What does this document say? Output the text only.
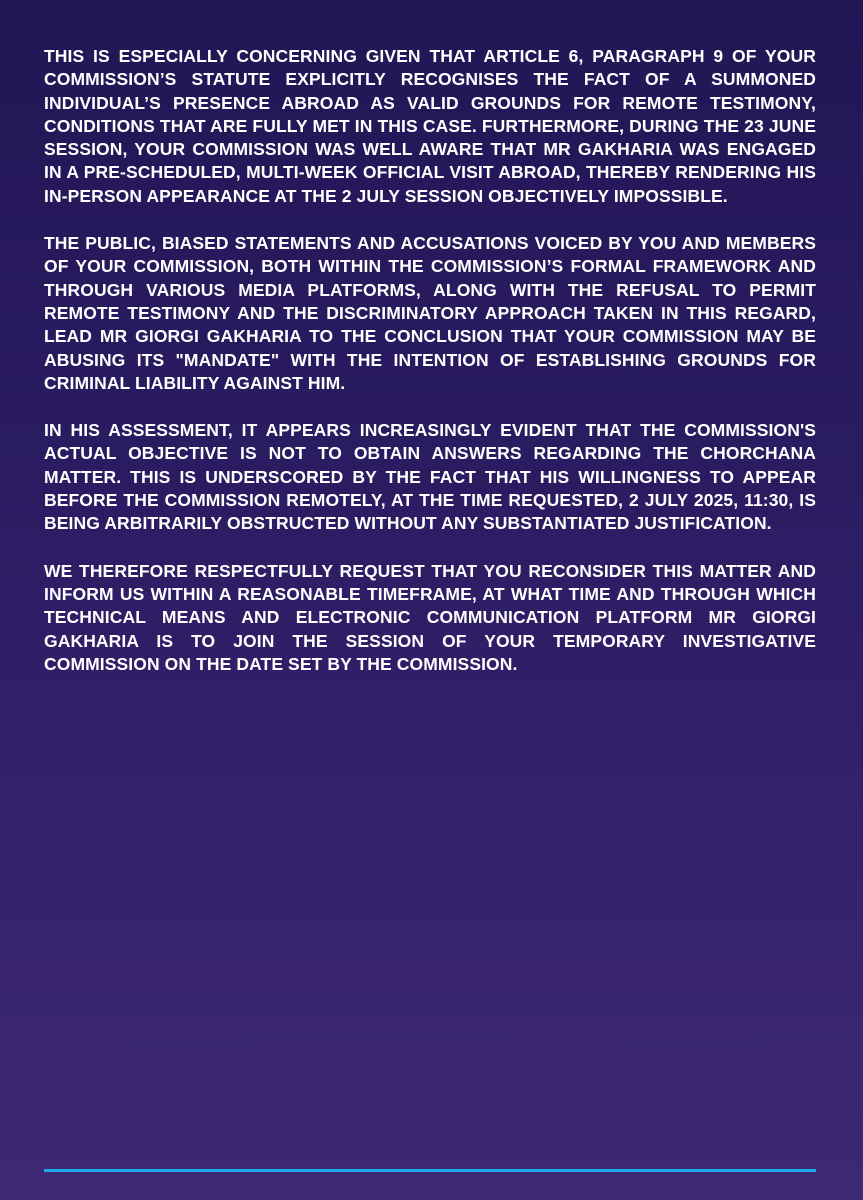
THIS IS ESPECIALLY CONCERNING GIVEN THAT ARTICLE 6, PARAGRAPH 9 OF YOUR COMMISSION’S STATUTE EXPLICITLY RECOGNISES THE FACT OF A SUMMONED INDIVIDUAL’S PRESENCE ABROAD AS VALID GROUNDS FOR REMOTE TESTIMONY, CONDITIONS THAT ARE FULLY MET IN THIS CASE. FURTHERMORE, DURING THE 23 JUNE SESSION, YOUR COMMISSION WAS WELL AWARE THAT MR GAKHARIA WAS ENGAGED IN A PRE-SCHEDULED, MULTI-WEEK OFFICIAL VISIT ABROAD, THEREBY RENDERING HIS IN-PERSON APPEARANCE AT THE 2 JULY SESSION OBJECTIVELY IMPOSSIBLE.

THE PUBLIC, BIASED STATEMENTS AND ACCUSATIONS VOICED BY YOU AND MEMBERS OF YOUR COMMISSION, BOTH WITHIN THE COMMISSION’S FORMAL FRAMEWORK AND THROUGH VARIOUS MEDIA PLATFORMS, ALONG WITH THE REFUSAL TO PERMIT REMOTE TESTIMONY AND THE DISCRIMINATORY APPROACH TAKEN IN THIS REGARD, LEAD MR GIORGI GAKHARIA TO THE CONCLUSION THAT YOUR COMMISSION MAY BE ABUSING ITS "MANDATE" WITH THE INTENTION OF ESTABLISHING GROUNDS FOR CRIMINAL LIABILITY AGAINST HIM.

IN HIS ASSESSMENT, IT APPEARS INCREASINGLY EVIDENT THAT THE COMMISSION'S ACTUAL OBJECTIVE IS NOT TO OBTAIN ANSWERS REGARDING THE CHORCHANA MATTER. THIS IS UNDERSCORED BY THE FACT THAT HIS WILLINGNESS TO APPEAR BEFORE THE COMMISSION REMOTELY, AT THE TIME REQUESTED, 2 JULY 2025, 11:30, IS BEING ARBITRARILY OBSTRUCTED WITHOUT ANY SUBSTANTIATED JUSTIFICATION.

WE THEREFORE RESPECTFULLY REQUEST THAT YOU RECONSIDER THIS MATTER AND INFORM US WITHIN A REASONABLE TIMEFRAME, AT WHAT TIME AND THROUGH WHICH TECHNICAL MEANS AND ELECTRONIC COMMUNICATION PLATFORM MR GIORGI GAKHARIA IS TO JOIN THE SESSION OF YOUR TEMPORARY INVESTIGATIVE COMMISSION ON THE DATE SET BY THE COMMISSION.
